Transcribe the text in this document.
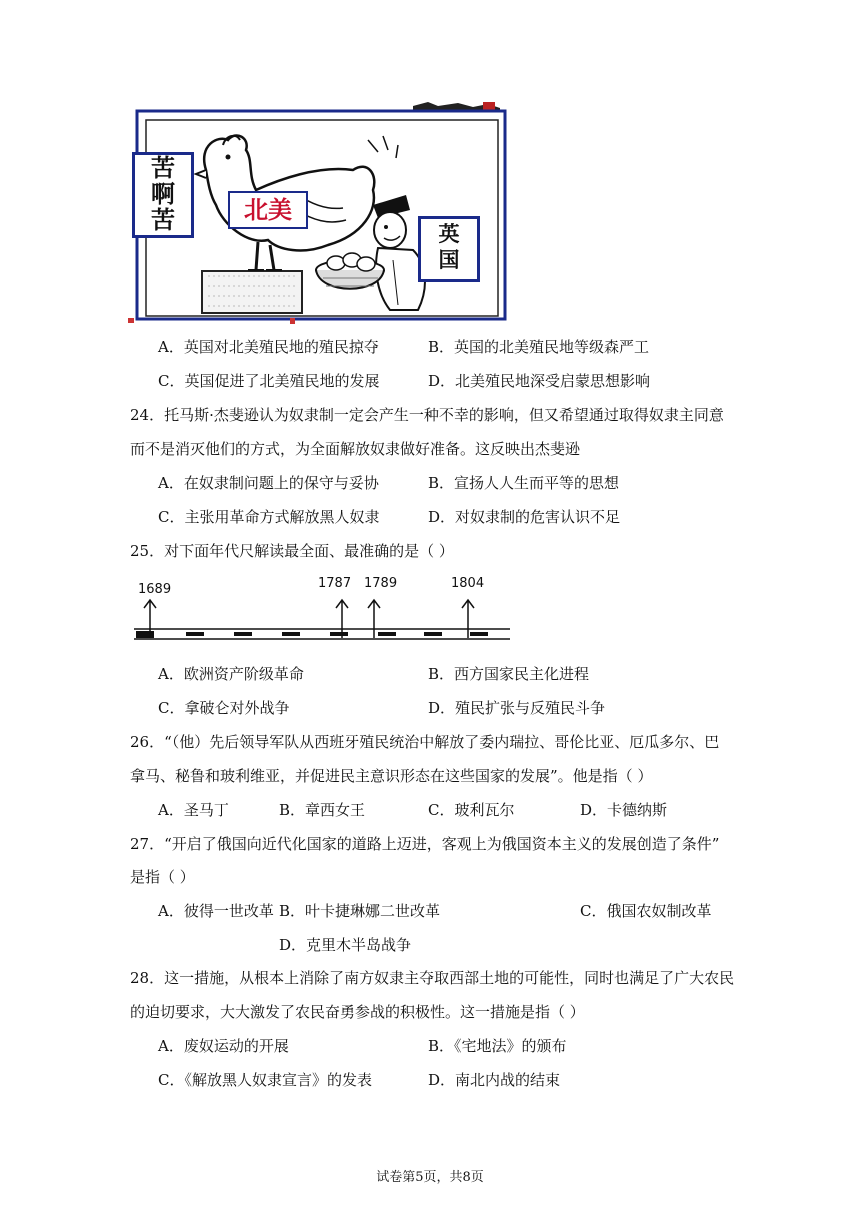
苦
啊
苦	北美
英
国
A．英国对北美殖民地的殖民掠夺	B．英国的北美殖民地等级森严工
C．英国促进了北美殖民地的发展	D．北美殖民地深受启蒙思想影响
24．托马斯·杰斐逊认为奴隶制一定会产生一种不幸的影响，但又希望通过取得奴隶主同意
而不是消灭他们的方式，为全面解放奴隶做好准备。这反映出杰斐逊
A．在奴隶制问题上的保守与妥协	B．宣扬人人生而平等的思想
C．主张用革命方式解放黑人奴隶	D．对奴隶制的危害认识不足
25．对下面年代尺解读最全面、最准确的是（ ）
1689	1787 1789	1804
A．欧洲资产阶级革命	B．西方国家民主化进程
C．拿破仑对外战争	D．殖民扩张与反殖民斗争
26．“（他）先后领导军队从西班牙殖民统治中解放了委内瑞拉、哥伦比亚、厄瓜多尔、巴
拿马、秘鲁和玻利维亚，并促进民主意识形态在这些国家的发展”。他是指（ ）
A．圣马丁	B．章西女王	C．玻利瓦尔	D．卡德纳斯
27．“开启了俄国向近代化国家的道路上迈进，客观上为俄国资本主义的发展创造了条件”
是指（ ）
A．彼得一世改革 B．叶卡捷琳娜二世改革	C．俄国农奴制改革
D．克里木半岛战争
28．这一措施，从根本上消除了南方奴隶主夺取西部土地的可能性，同时也满足了广大农民
的迫切要求，大大激发了农民奋勇参战的积极性。这一措施是指（ ）
A．废奴运动的开展	B．《宅地法》的颁布
C．《解放黑人奴隶宣言》的发表	D．南北内战的结束
试卷第5页，共8页
